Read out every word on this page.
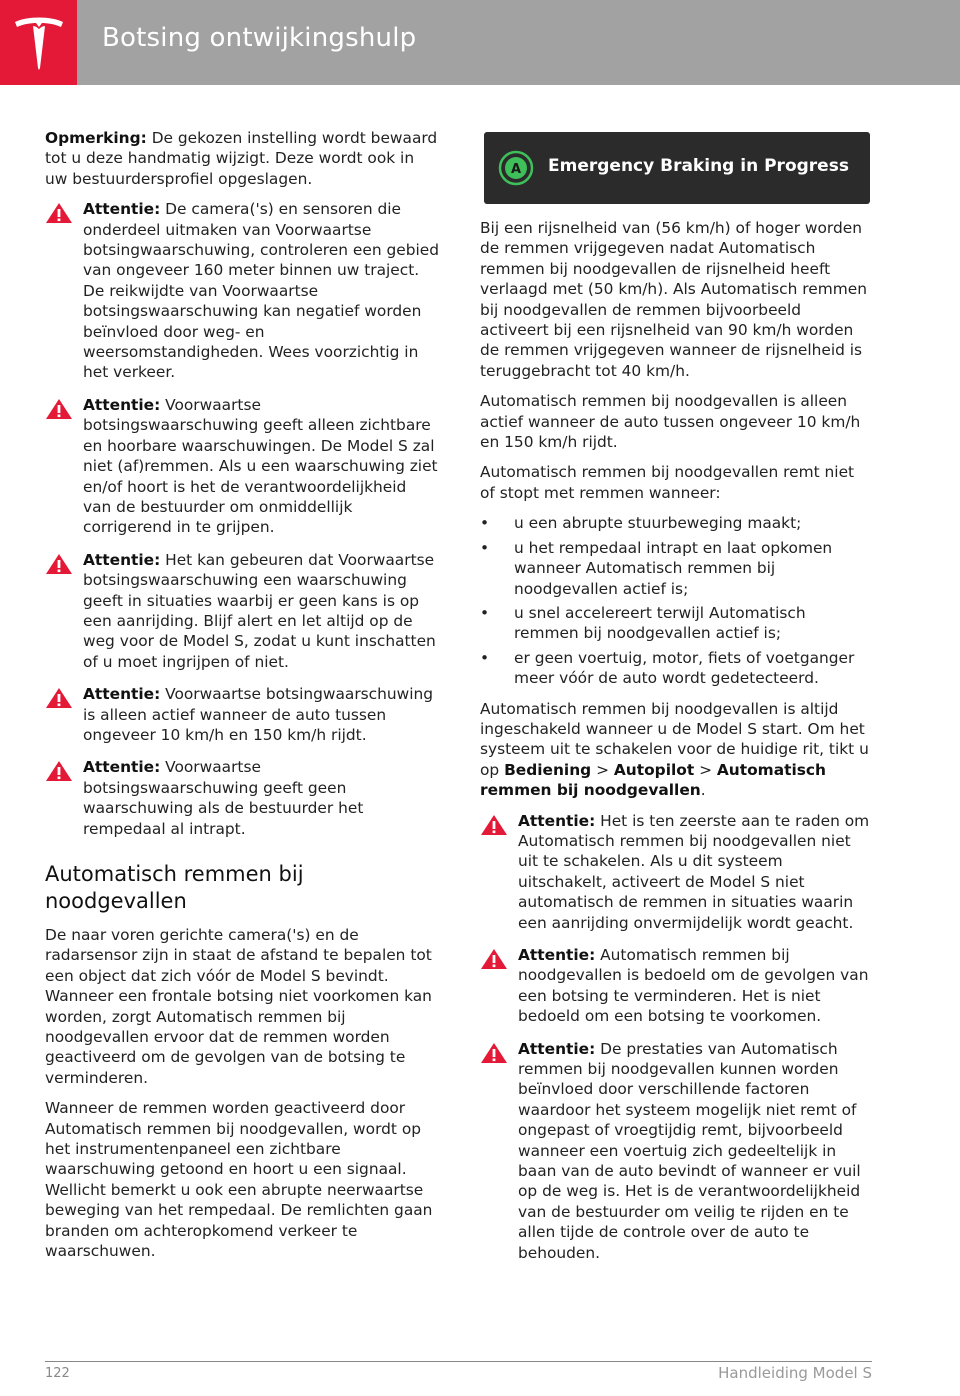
Botsing ontwijkingshulp

Opmerking: De gekozen instelling wordt bewaard tot u deze handmatig wijzigt. Deze wordt ook in uw bestuurdersprofiel opgeslagen.

Attentie: De camera('s) en sensoren die onderdeel uitmaken van Voorwaartse botsingwaarschuwing, controleren een gebied van ongeveer 160 meter binnen uw traject. De reikwijdte van Voorwaartse botsingswaarschuwing kan negatief worden beïnvloed door weg- en weersomstandigheden. Wees voorzichtig in het verkeer.
Attentie: Voorwaartse botsingswaarschuwing geeft alleen zichtbare en hoorbare waarschuwingen. De Model S zal niet (af)remmen. Als u een waarschuwing ziet en/of hoort is het de verantwoordelijkheid van de bestuurder om onmiddellijk corrigerend in te grijpen.
Attentie: Het kan gebeuren dat Voorwaartse botsingswaarschuwing een waarschuwing geeft in situaties waarbij er geen kans is op een aanrijding. Blijf alert en let altijd op de weg voor de Model S, zodat u kunt inschatten of u moet ingrijpen of niet.
Attentie: Voorwaartse botsingwaarschuwing is alleen actief wanneer de auto tussen ongeveer 10 km/h en 150 km/h rijdt.
Attentie: Voorwaartse botsingswaarschuwing geeft geen waarschuwing als de bestuurder het rempedaal al intrapt.
Automatisch remmen bij noodgevallen

De naar voren gerichte camera('s) en de radarsensor zijn in staat de afstand te bepalen tot een object dat zich vóór de Model S bevindt. Wanneer een frontale botsing niet voorkomen kan worden, zorgt Automatisch remmen bij noodgevallen ervoor dat de remmen worden geactiveerd om de gevolgen van de botsing te verminderen.

Wanneer de remmen worden geactiveerd door Automatisch remmen bij noodgevallen, wordt op het instrumentenpaneel een zichtbare waarschuwing getoond en hoort u een signaal. Wellicht bemerkt u ook een abrupte neerwaartse beweging van het rempedaal. De remlichten gaan branden om achteropkomend verkeer te waarschuwen.

A Emergency Braking in Progress

Bij een rijsnelheid van (56 km/h) of hoger worden de remmen vrijgegeven nadat Automatisch remmen bij noodgevallen de rijsnelheid heeft verlaagd met (50 km/h). Als Automatisch remmen bij noodgevallen de remmen bijvoorbeeld activeert bij een rijsnelheid van 90 km/h worden de remmen vrijgegeven wanneer de rijsnelheid is teruggebracht tot 40 km/h.

Automatisch remmen bij noodgevallen is alleen actief wanneer de auto tussen ongeveer 10 km/h en 150 km/h rijdt.

Automatisch remmen bij noodgevallen remt niet of stopt met remmen wanneer:

• u een abrupte stuurbeweging maakt;
• u het rempedaal intrapt en laat opkomen wanneer Automatisch remmen bij noodgevallen actief is;
• u snel accelereert terwijl Automatisch remmen bij noodgevallen actief is;
• er geen voertuig, motor, fiets of voetganger meer vóór de auto wordt gedetecteerd.

Automatisch remmen bij noodgevallen is altijd ingeschakeld wanneer u de Model S start. Om het systeem uit te schakelen voor de huidige rit, tikt u op Bediening > Autopilot > Automatisch remmen bij noodgevallen.

Attentie: Het is ten zeerste aan te raden om Automatisch remmen bij noodgevallen niet uit te schakelen. Als u dit systeem uitschakelt, activeert de Model S niet automatisch de remmen in situaties waarin een aanrijding onvermijdelijk wordt geacht.
Attentie: Automatisch remmen bij noodgevallen is bedoeld om de gevolgen van een botsing te verminderen. Het is niet bedoeld om een botsing te voorkomen.
Attentie: De prestaties van Automatisch remmen bij noodgevallen kunnen worden beïnvloed door verschillende factoren waardoor het systeem mogelijk niet remt of ongepast of vroegtijdig remt, bijvoorbeeld wanneer een voertuig zich gedeeltelijk in baan van de auto bevindt of wanneer er vuil op de weg is. Het is de verantwoordelijkheid van de bestuurder om veilig te rijden en te allen tijde de controle over de auto te behouden.
122	Handleiding Model S
